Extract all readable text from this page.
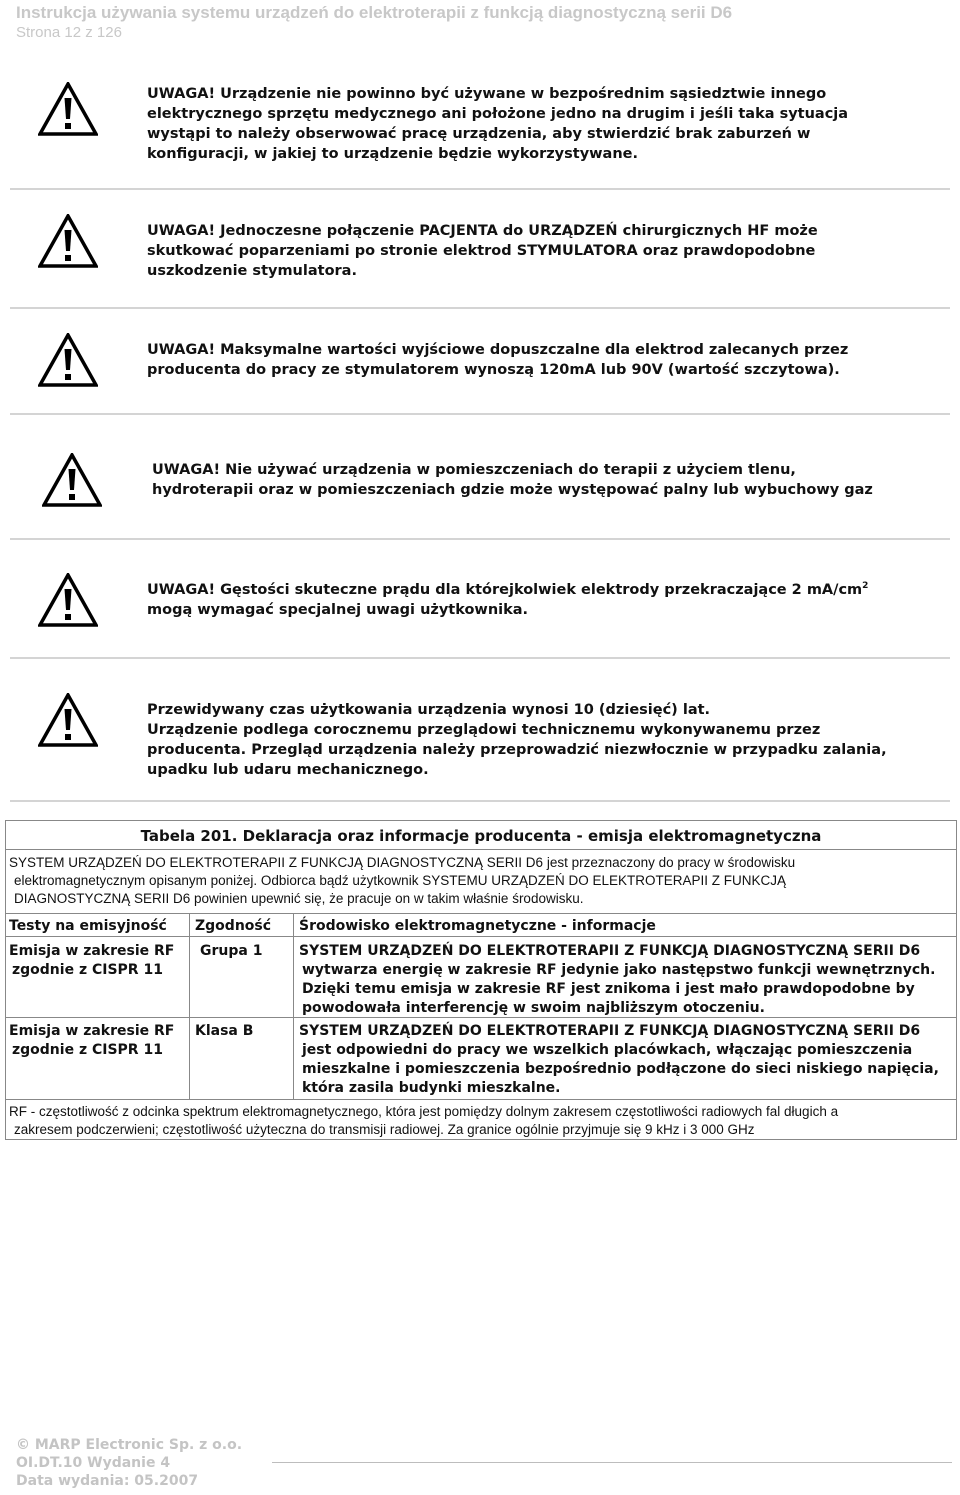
Instrukcja używania systemu urządzeń do elektroterapii z funkcją diagnostyczną serii D6
Strona 12 z 126

UWAGA! Urządzenie nie powinno być używane w bezpośrednim sąsiedztwie innego

elektrycznego sprzętu medycznego ani położone jedno na drugim i jeśli taka sytuacja

wystąpi to należy obserwować pracę urządzenia, aby stwierdzić brak zaburzeń w

konfiguracji, w jakiej to urządzenie będzie wykorzystywane.

UWAGA! Jednoczesne połączenie PACJENTA do URZĄDZEŃ chirurgicznych HF może

skutkować poparzeniami po stronie elektrod STYMULATORA oraz prawdopodobne

uszkodzenie stymulatora.

UWAGA! Maksymalne wartości wyjściowe dopuszczalne dla elektrod zalecanych przez

producenta do pracy ze stymulatorem wynoszą 120mA lub 90V (wartość szczytowa).

UWAGA! Nie używać urządzenia w pomieszczeniach do terapii z użyciem tlenu,

hydroterapii oraz w pomieszczeniach gdzie może występować palny lub wybuchowy gaz

UWAGA! Gęstości skuteczne prądu dla którejkolwiek elektrody przekraczające 2 $mA/cm^2$

mogą wymagać specjalnej uwagi użytkownika.

Przewidywany czas użytkowania urządzenia wynosi 10 (dziesięć) lat.

Urządzenie podlega corocznemu przeglądowi technicznemu wykonywanemu przez

producenta. Przegląd urządzenia należy przeprowadzić niezwłocznie w przypadku zalania,

upadku lub udaru mechanicznego.

Tabela 201. Deklaracja oraz informacje producenta - emisja elektromagnetyczna

SYSTEM URZĄDZEŃ DO ELEKTROTERAPII Z FUNKCJĄ DIAGNOSTYCZNĄ SERII D6 jest przeznaczony do pracy w środowisku

elektromagnetycznym opisanym poniżej. Odbiorca bądź użytkownik SYSTEMU URZĄDZEŃ DO ELEKTROTERAPII Z FUNKCJĄ

DIAGNOSTYCZNĄ SERII D6 powinien upewnić się, że pracuje on w takim właśnie środowisku.

Testy na emisyjność Zgodność Środowisko elektromagnetyczne - informacje

Emisja w zakresie RF

zgodnie z CISPR 11

Grupa 1	SYSTEM URZĄDZEŃ DO ELEKTROTERAPII Z FUNKCJĄ DIAGNOSTYCZNĄ SERII D6

wytwarza energię w zakresie RF jedynie jako następstwo funkcji wewnętrznych.

Dzięki temu emisja w zakresie RF jest znikoma i jest mało prawdopodobne by

powodowała interferencję w swoim najbliższym otoczeniu.

Emisja w zakresie RF

zgodnie z CISPR 11

Klasa B	SYSTEM URZĄDZEŃ DO ELEKTROTERAPII Z FUNKCJĄ DIAGNOSTYCZNĄ SERII D6

jest odpowiedni do pracy we wszelkich placówkach, włączając pomieszczenia

mieszkalne i pomieszczenia bezpośrednio podłączone do sieci niskiego napięcia,

która zasila budynki mieszkalne.

RF - częstotliwość z odcinka spektrum elektromagnetycznego, która jest pomiędzy dolnym zakresem częstotliwości radiowych fal długich a

zakresem podczerwieni; częstotliwość użyteczna do transmisji radiowej. Za granice ogólnie przyjmuje się 9 kHz i 3 000 GHz

© MARP Electronic Sp. z o.o.

OI.DT.10 Wydanie 4

Data wydania: 05.2007
